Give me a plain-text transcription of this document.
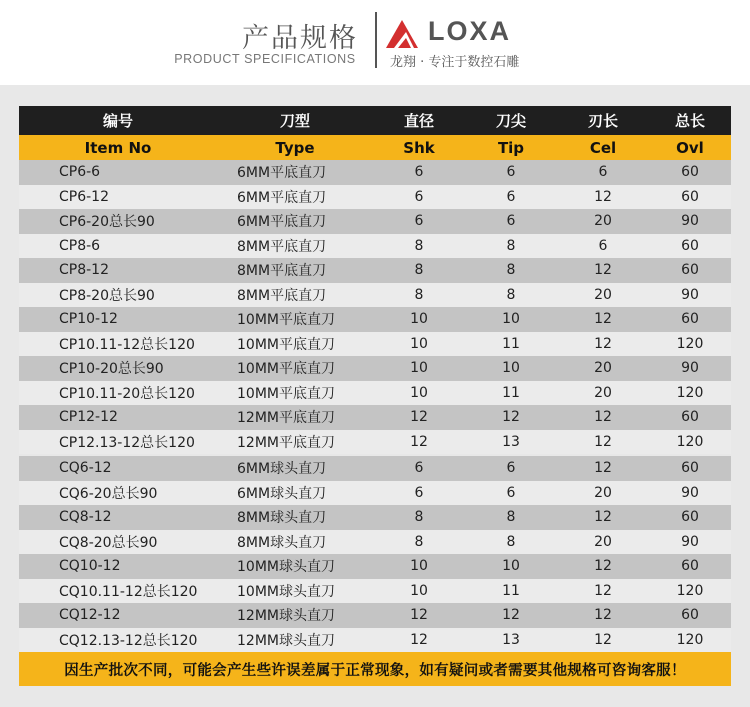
产品规格
PRODUCT SPECIFICATIONS
LOXA
龙翔 · 专注于数控石雕
编号	刀型	直径	刀尖	刃长	总长
Item No	Type	Shk	Tip	Cel	Ovl
CP6-6	6MM平底直刀	6	6	6	60
CP6-12	6MM平底直刀	6	6	12	60
CP6-20总长90	6MM平底直刀	6	6	20	90
CP8-6	8MM平底直刀	8	8	6	60
CP8-12	8MM平底直刀	8	8	12	60
CP8-20总长90	8MM平底直刀	8	8	20	90
CP10-12	10MM平底直刀	10	10	12	60
CP10.11-12总长120	10MM平底直刀	10	11	12	120
CP10-20总长90	10MM平底直刀	10	10	20	90
CP10.11-20总长120	10MM平底直刀	10	11	20	120
CP12-12	12MM平底直刀	12	12	12	60
CP12.13-12总长120	12MM平底直刀	12	13	12	120
CQ6-12	6MM球头直刀	6	6	12	60
CQ6-20总长90	6MM球头直刀	6	6	20	90
CQ8-12	8MM球头直刀	8	8	12	60
CQ8-20总长90	8MM球头直刀	8	8	20	90
CQ10-12	10MM球头直刀	10	10	12	60
CQ10.11-12总长120	10MM球头直刀	10	11	12	120
CQ12-12	12MM球头直刀	12	12	12	60
CQ12.13-12总长120	12MM球头直刀	12	13	12	120
因生产批次不同，可能会产生些许误差属于正常现象，如有疑问或者需要其他规格可咨询客服！
